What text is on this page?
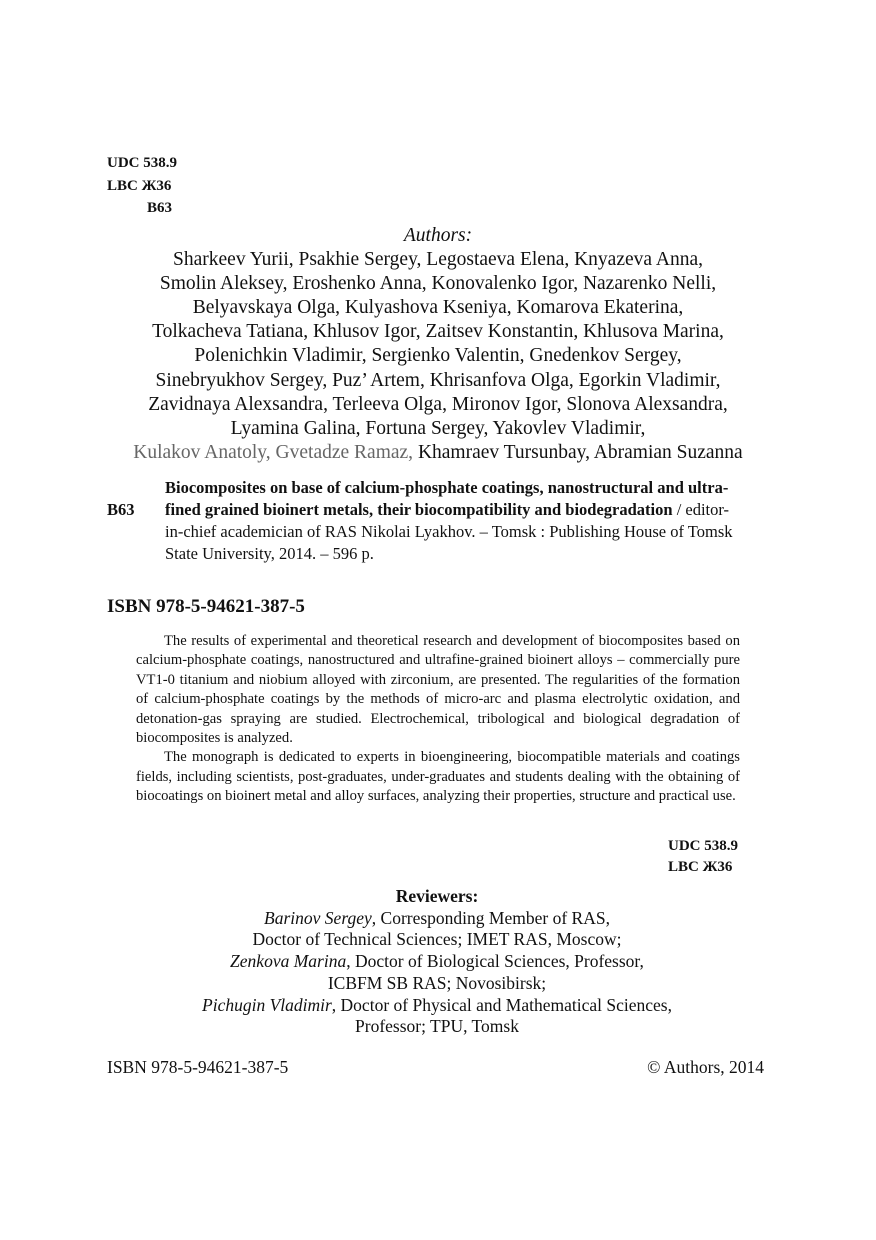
UDC 538.9
LBC Ж36
B63
Authors:
Sharkeev Yurii, Psakhie Sergey, Legostaeva Elena, Knyazeva Anna,
Smolin Aleksey, Eroshenko Anna, Konovalenko Igor, Nazarenko Nelli,
Belyavskaya Olga, Kulyashova Kseniya, Komarova Ekaterina,
Tolkacheva Tatiana, Khlusov Igor, Zaitsev Konstantin, Khlusova Marina,
Polenichkin Vladimir, Sergienko Valentin, Gnedenkov Sergey,
Sinebryukhov Sergey, Puz’ Artem, Khrisanfova Olga, Egorkin Vladimir,
Zavidnaya Alexsandra, Terleeva Olga, Mironov Igor, Slonova Alexsandra,
Lyamina Galina, Fortuna Sergey, Yakovlev Vladimir,
Kulakov Anatoly, Gvetadze Ramaz, Khamraev Tursunbay, Abramian Suzanna
B63
Biocomposites on base of calcium-phosphate coatings, nanostructural and ultra-fined grained bioinert metals, their biocompatibility and biodegradation / editor-in-chief academician of RAS Nikolai Lyakhov. – Tomsk : Publishing House of Tomsk State University, 2014. – 596 p.
ISBN 978-5-94621-387-5

The results of experimental and theoretical research and development of biocomposites based on calcium-phosphate coatings, nanostructured and ultrafine-grained bioinert alloys – commercially pure VT1-0 titanium and niobium alloyed with zirconium, are presented. The regularities of the formation of calcium-phosphate coatings by the methods of micro-arc and plasma electrolytic oxidation, and detonation-gas spraying are studied. Electrochemical, tribological and biological degradation of biocomposites is analyzed.

The monograph is dedicated to experts in bioengineering, biocompatible materials and coatings fields, including scientists, post-graduates, under-graduates and students dealing with the obtaining of biocoatings on bioinert metal and alloy surfaces, analyzing their properties, structure and practical use.

UDC 538.9
LBC Ж36
Reviewers:
Barinov Sergey, Corresponding Member of RAS,
Doctor of Technical Sciences; IMET RAS, Moscow;
Zenkova Marina, Doctor of Biological Sciences, Professor,
ICBFM SB RAS; Novosibirsk;
Pichugin Vladimir, Doctor of Physical and Mathematical Sciences,
Professor; TPU, Tomsk
ISBN 978-5-94621-387-5	© Authors, 2014
